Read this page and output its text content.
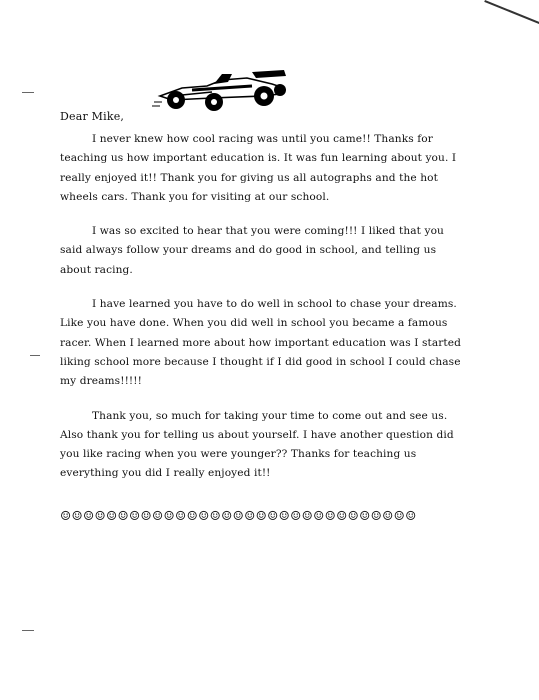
Dear Mike,

I never knew how cool racing was until you came!! Thanks for teaching us how important education is. It was fun learning about you. I really enjoyed it!! Thank you for giving us all autographs and the hot wheels cars. Thank you for visiting at our school.

I was so excited to hear that you were coming!!! I liked that you said always follow your dreams and do good in school, and telling us about racing.

I have learned you have to do well in school to chase your dreams. Like you have done. When you did well in school you became a famous racer. When I learned more about how important education was I started liking school more because I thought if I did good in school I could chase my dreams!!!!!

Thank you, so much for taking your time to come out and see us. Also thank you for telling us about yourself. I have another question did you like racing when you were younger?? Thanks for teaching us everything you did I really enjoyed it!!

☺☺☺☺☺☺☺☺☺☺☺☺☺☺☺☺☺☺☺☺☺☺☺☺☺☺☺☺☺☺☺
